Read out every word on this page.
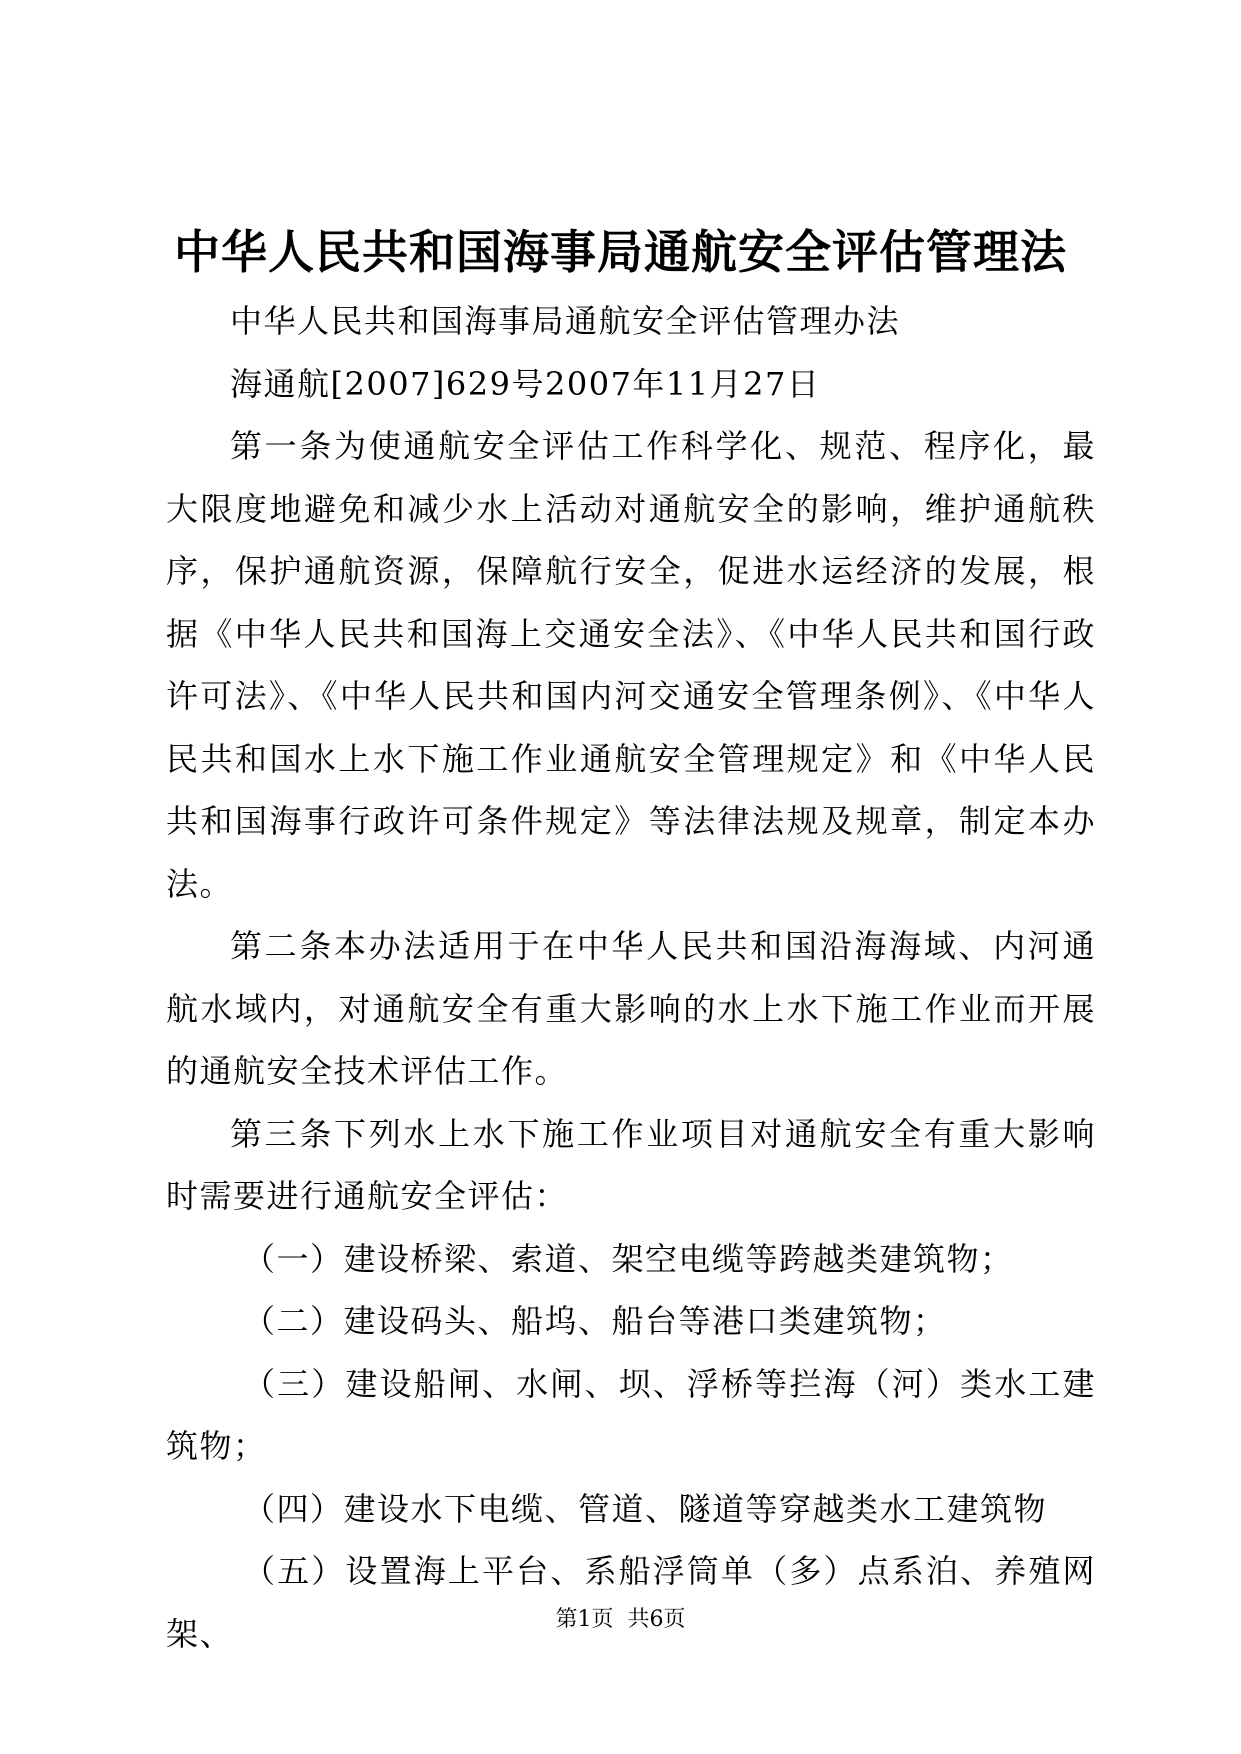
中华人民共和国海事局通航安全评估管理法

中华人民共和国海事局通航安全评估管理办法

海通航[2007]629号2007年11月27日

第一条为使通航安全评估工作科学化、规范、程序化，最大限度地避免和减少水上活动对通航安全的影响，维护通航秩序，保护通航资源，保障航行安全，促进水运经济的发展，根据《中华人民共和国海上交通安全法》、《中华人民共和国行政许可法》、《中华人民共和国内河交通安全管理条例》、《中华人民共和国水上水下施工作业通航安全管理规定》和《中华人民共和国海事行政许可条件规定》等法律法规及规章，制定本办法。

第二条本办法适用于在中华人民共和国沿海海域、内河通航水域内，对通航安全有重大影响的水上水下施工作业而开展的通航安全技术评估工作。

第三条下列水上水下施工作业项目对通航安全有重大影响时需要进行通航安全评估：

（一）建设桥梁、索道、架空电缆等跨越类建筑物；

（二）建设码头、船坞、船台等港口类建筑物；

（三）建设船闸、水闸、坝、浮桥等拦海（河）类水工建筑物；

（四）建设水下电缆、管道、隧道等穿越类水工建筑物

（五）设置海上平台、系船浮筒单（多）点系泊、养殖网架、	第1页 共6页
